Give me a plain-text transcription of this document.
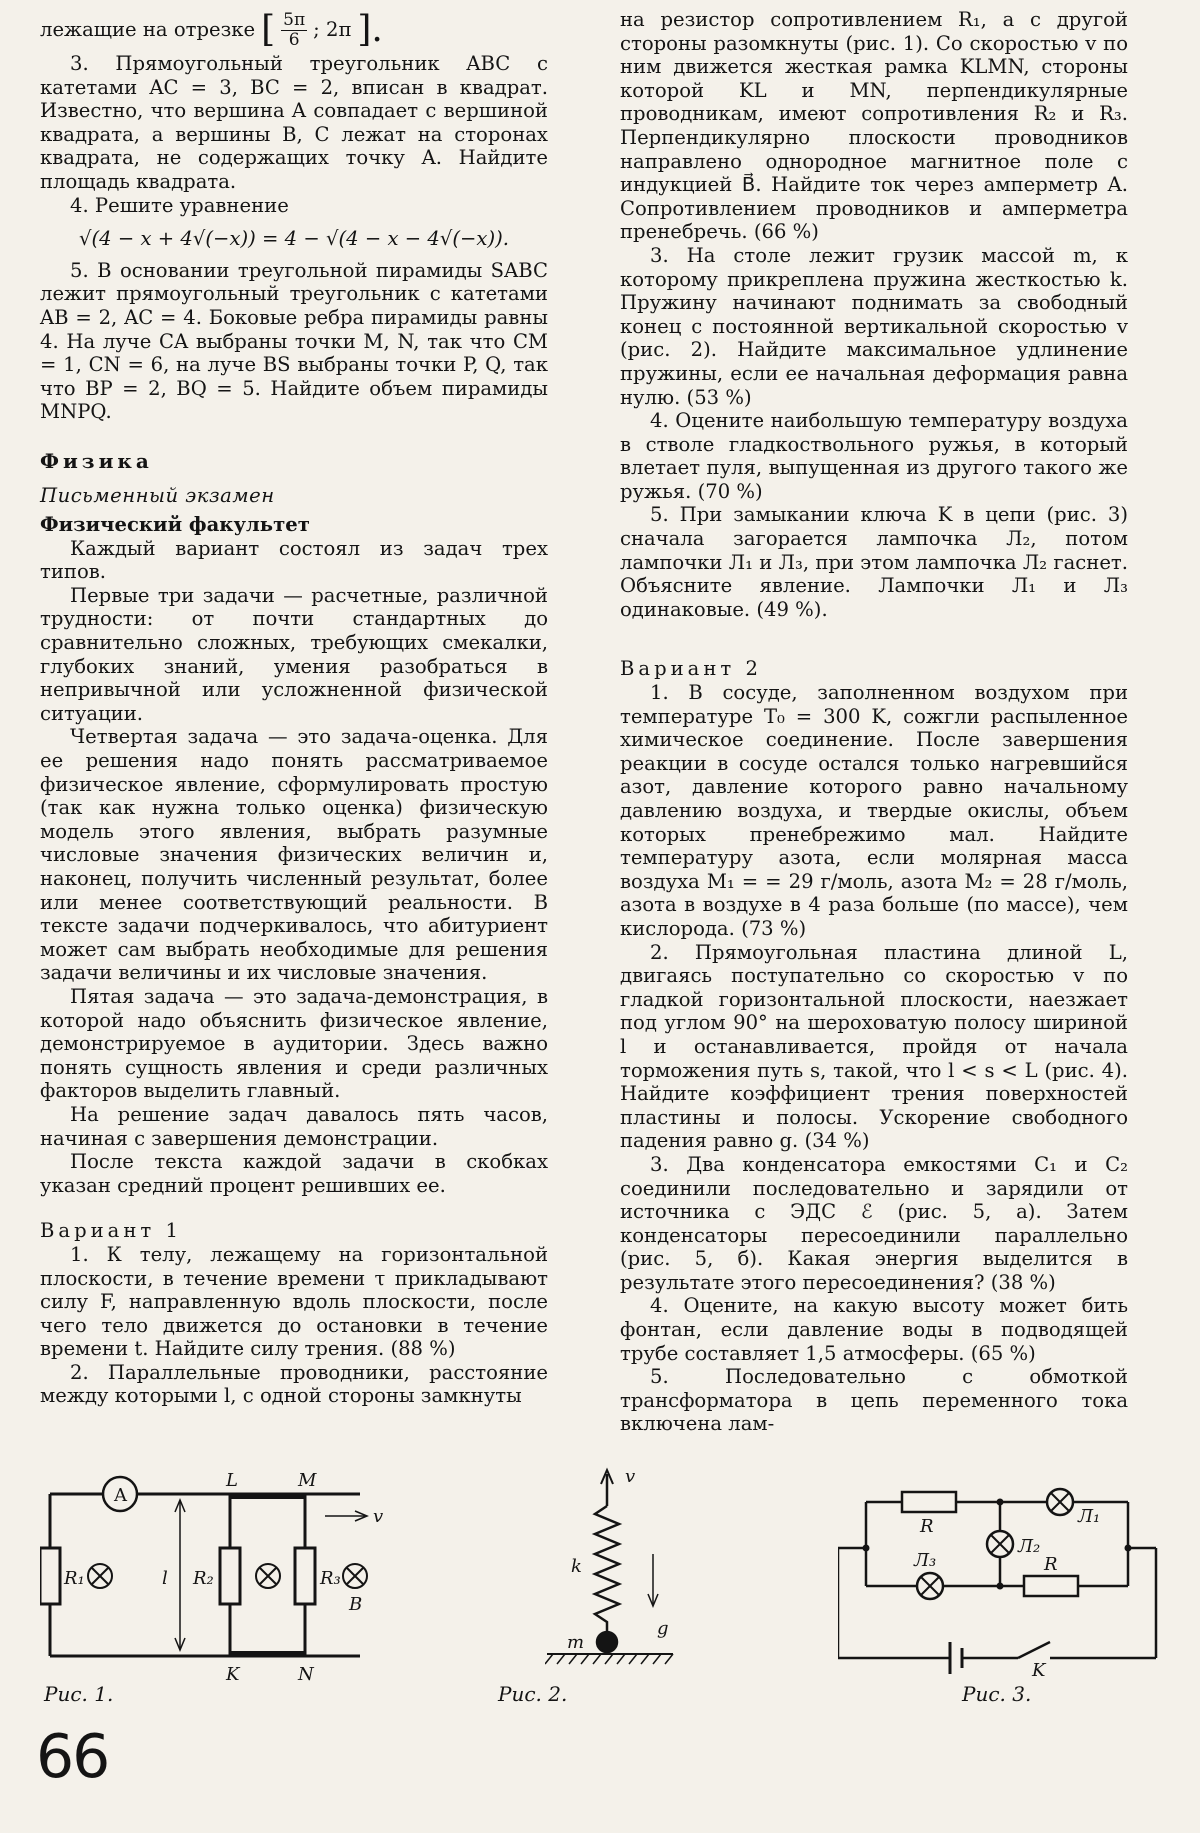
лежащие на отрезке [ $\frac{5\pi}{6}$ ; 2π ].

3. Прямоугольный треугольник ABC с катетами AC = 3, BC = 2, вписан в квадрат. Известно, что вершина A совпадает с вершиной квадрата, а вершины B, C лежат на сторонах квадрата, не содержащих точку A. Найдите площадь квадрата.

4. Решите уравнение

√(4 − x + 4√(−x)) = 4 − √(4 − x − 4√(−x)).

5. В основании треугольной пирамиды SABC лежит прямоугольный треугольник с катетами AB = 2, AC = 4. Боковые ребра пирамиды равны 4. На луче CA выбраны точки M, N, так что CM = 1, CN = 6, на луче BS выбраны точки P, Q, так что BP = 2, BQ = 5. Найдите объем пирамиды MNPQ.

Физика

Письменный экзамен

Физический факультет

Каждый вариант состоял из задач трех типов.

Первые три задачи — расчетные, различной трудности: от почти стандартных до сравнительно сложных, требующих смекалки, глубоких знаний, умения разобраться в непривычной или усложненной физической ситуации.

Четвертая задача — это задача-оценка. Для ее решения надо понять рассматриваемое физическое явление, сформулировать простую (так как нужна только оценка) физическую модель этого явления, выбрать разумные числовые значения физических величин и, наконец, получить численный результат, более или менее соответствующий реальности. В тексте задачи подчеркивалось, что абитуриент может сам выбрать необходимые для решения задачи величины и их числовые значения.

Пятая задача — это задача-демонстрация, в которой надо объяснить физическое явление, демонстрируемое в аудитории. Здесь важно понять сущность явления и среди различных факторов выделить главный.

На решение задач давалось пять часов, начиная с завершения демонстрации.

После текста каждой задачи в скобках указан средний процент решивших ее.

Вариант 1

1. К телу, лежащему на горизонтальной плоскости, в течение времени τ прикладывают силу F, направленную вдоль плоскости, после чего тело движется до остановки в течение времени t. Найдите силу трения. (88 %)

2. Параллельные проводники, расстояние между которыми l, с одной стороны замкнуты

на резистор сопротивлением R₁, а с другой стороны разомкнуты (рис. 1). Со скоростью v по ним движется жесткая рамка KLMN, стороны которой KL и MN, перпендикулярные проводникам, имеют сопротивления R₂ и R₃. Перпендикулярно плоскости проводников направлено однородное магнитное поле с индукцией B⃗. Найдите ток через амперметр A. Сопротивлением проводников и амперметра пренебречь. (66 %)

3. На столе лежит грузик массой m, к которому прикреплена пружина жесткостью k. Пружину начинают поднимать за свободный конец с постоянной вертикальной скоростью v (рис. 2). Найдите максимальное удлинение пружины, если ее начальная деформация равна нулю. (53 %)

4. Оцените наибольшую температуру воздуха в стволе гладкоствольного ружья, в который влетает пуля, выпущенная из другого такого же ружья. (70 %)

5. При замыкании ключа K в цепи (рис. 3) сначала загорается лампочка Л₂, потом лампочки Л₁ и Л₃, при этом лампочка Л₂ гаснет. Объясните явление. Лампочки Л₁ и Л₃ одинаковые. (49 %).

Вариант 2

1. В сосуде, заполненном воздухом при температуре T₀ = 300 K, сожгли распыленное химическое соединение. После завершения реакции в сосуде остался только нагревшийся азот, давление которого равно начальному давлению воздуха, и твердые окислы, объем которых пренебрежимо мал. Найдите температуру азота, если молярная масса воздуха M₁ = = 29 г/моль, азота M₂ = 28 г/моль, азота в воздухе в 4 раза больше (по массе), чем кислорода. (73 %)

2. Прямоугольная пластина длиной L, двигаясь поступательно со скоростью v по гладкой горизонтальной плоскости, наезжает под углом 90° на шероховатую полосу шириной l и останавливается, пройдя от начала торможения путь s, такой, что l < s < L (рис. 4). Найдите коэффициент трения поверхностей пластины и полосы. Ускорение свободного падения равно g. (34 %)

3. Два конденсатора емкостями C₁ и C₂ соединили последовательно и зарядили от источника с ЭДС ℰ (рис. 5, а). Затем конденсаторы пересоединили параллельно (рис. 5, б). Какая энергия выделится в результате этого пересоединения? (38 %)

4. Оцените, на какую высоту может бить фонтан, если давление воды в подводящей трубе составляет 1,5 атмосферы. (65 %)

5. Последовательно с обмоткой трансформатора в цепь переменного тока включена лам-

A
R₁	l R₂	R₃
L	M
K	N
v
B
Рис. 1.
v
k
g
m
Рис. 2.
R
R
Л₁
Л₂
Л₃
K
Рис. 3.
66
